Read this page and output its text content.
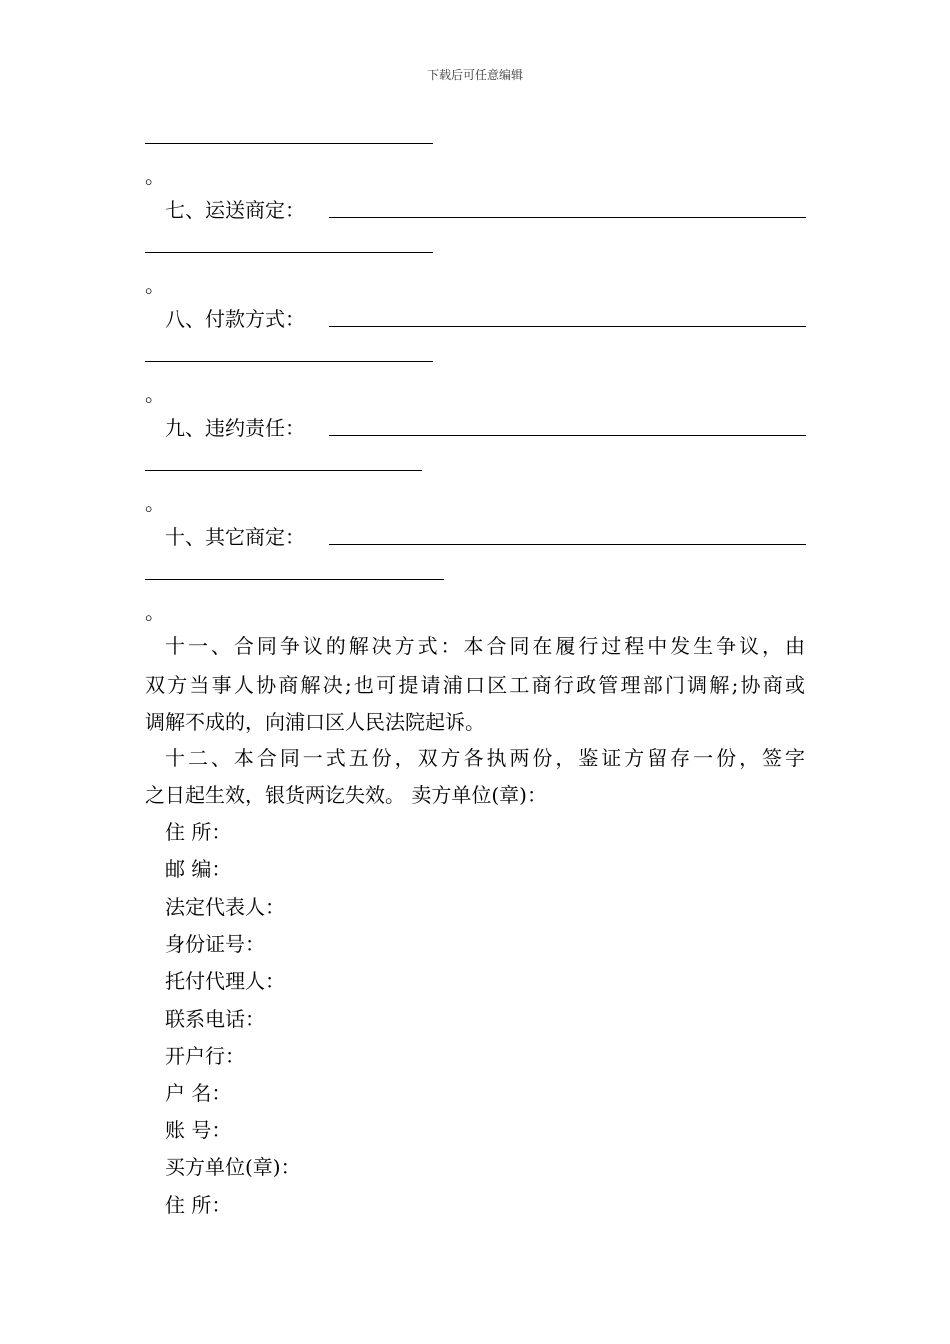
下载后可任意编辑
。
七、运送商定：
。
八、付款方式：
。
九、违约责任：
。
十、其它商定：
。
十一、合同争议的解决方式：本合同在履行过程中发生争议，由
双方当事人协商解决;也可提请浦口区工商行政管理部门调解;协商或
调解不成的，向浦口区人民法院起诉。
十二、本合同一式五份，双方各执两份，鉴证方留存一份，签字
之日起生效，银货两讫失效。 卖方单位(章)：
住 所：
邮 编：
法定代表人：
身份证号：
托付代理人：
联系电话：
开户行：
户 名：
账 号：
买方单位(章)：
住 所：
